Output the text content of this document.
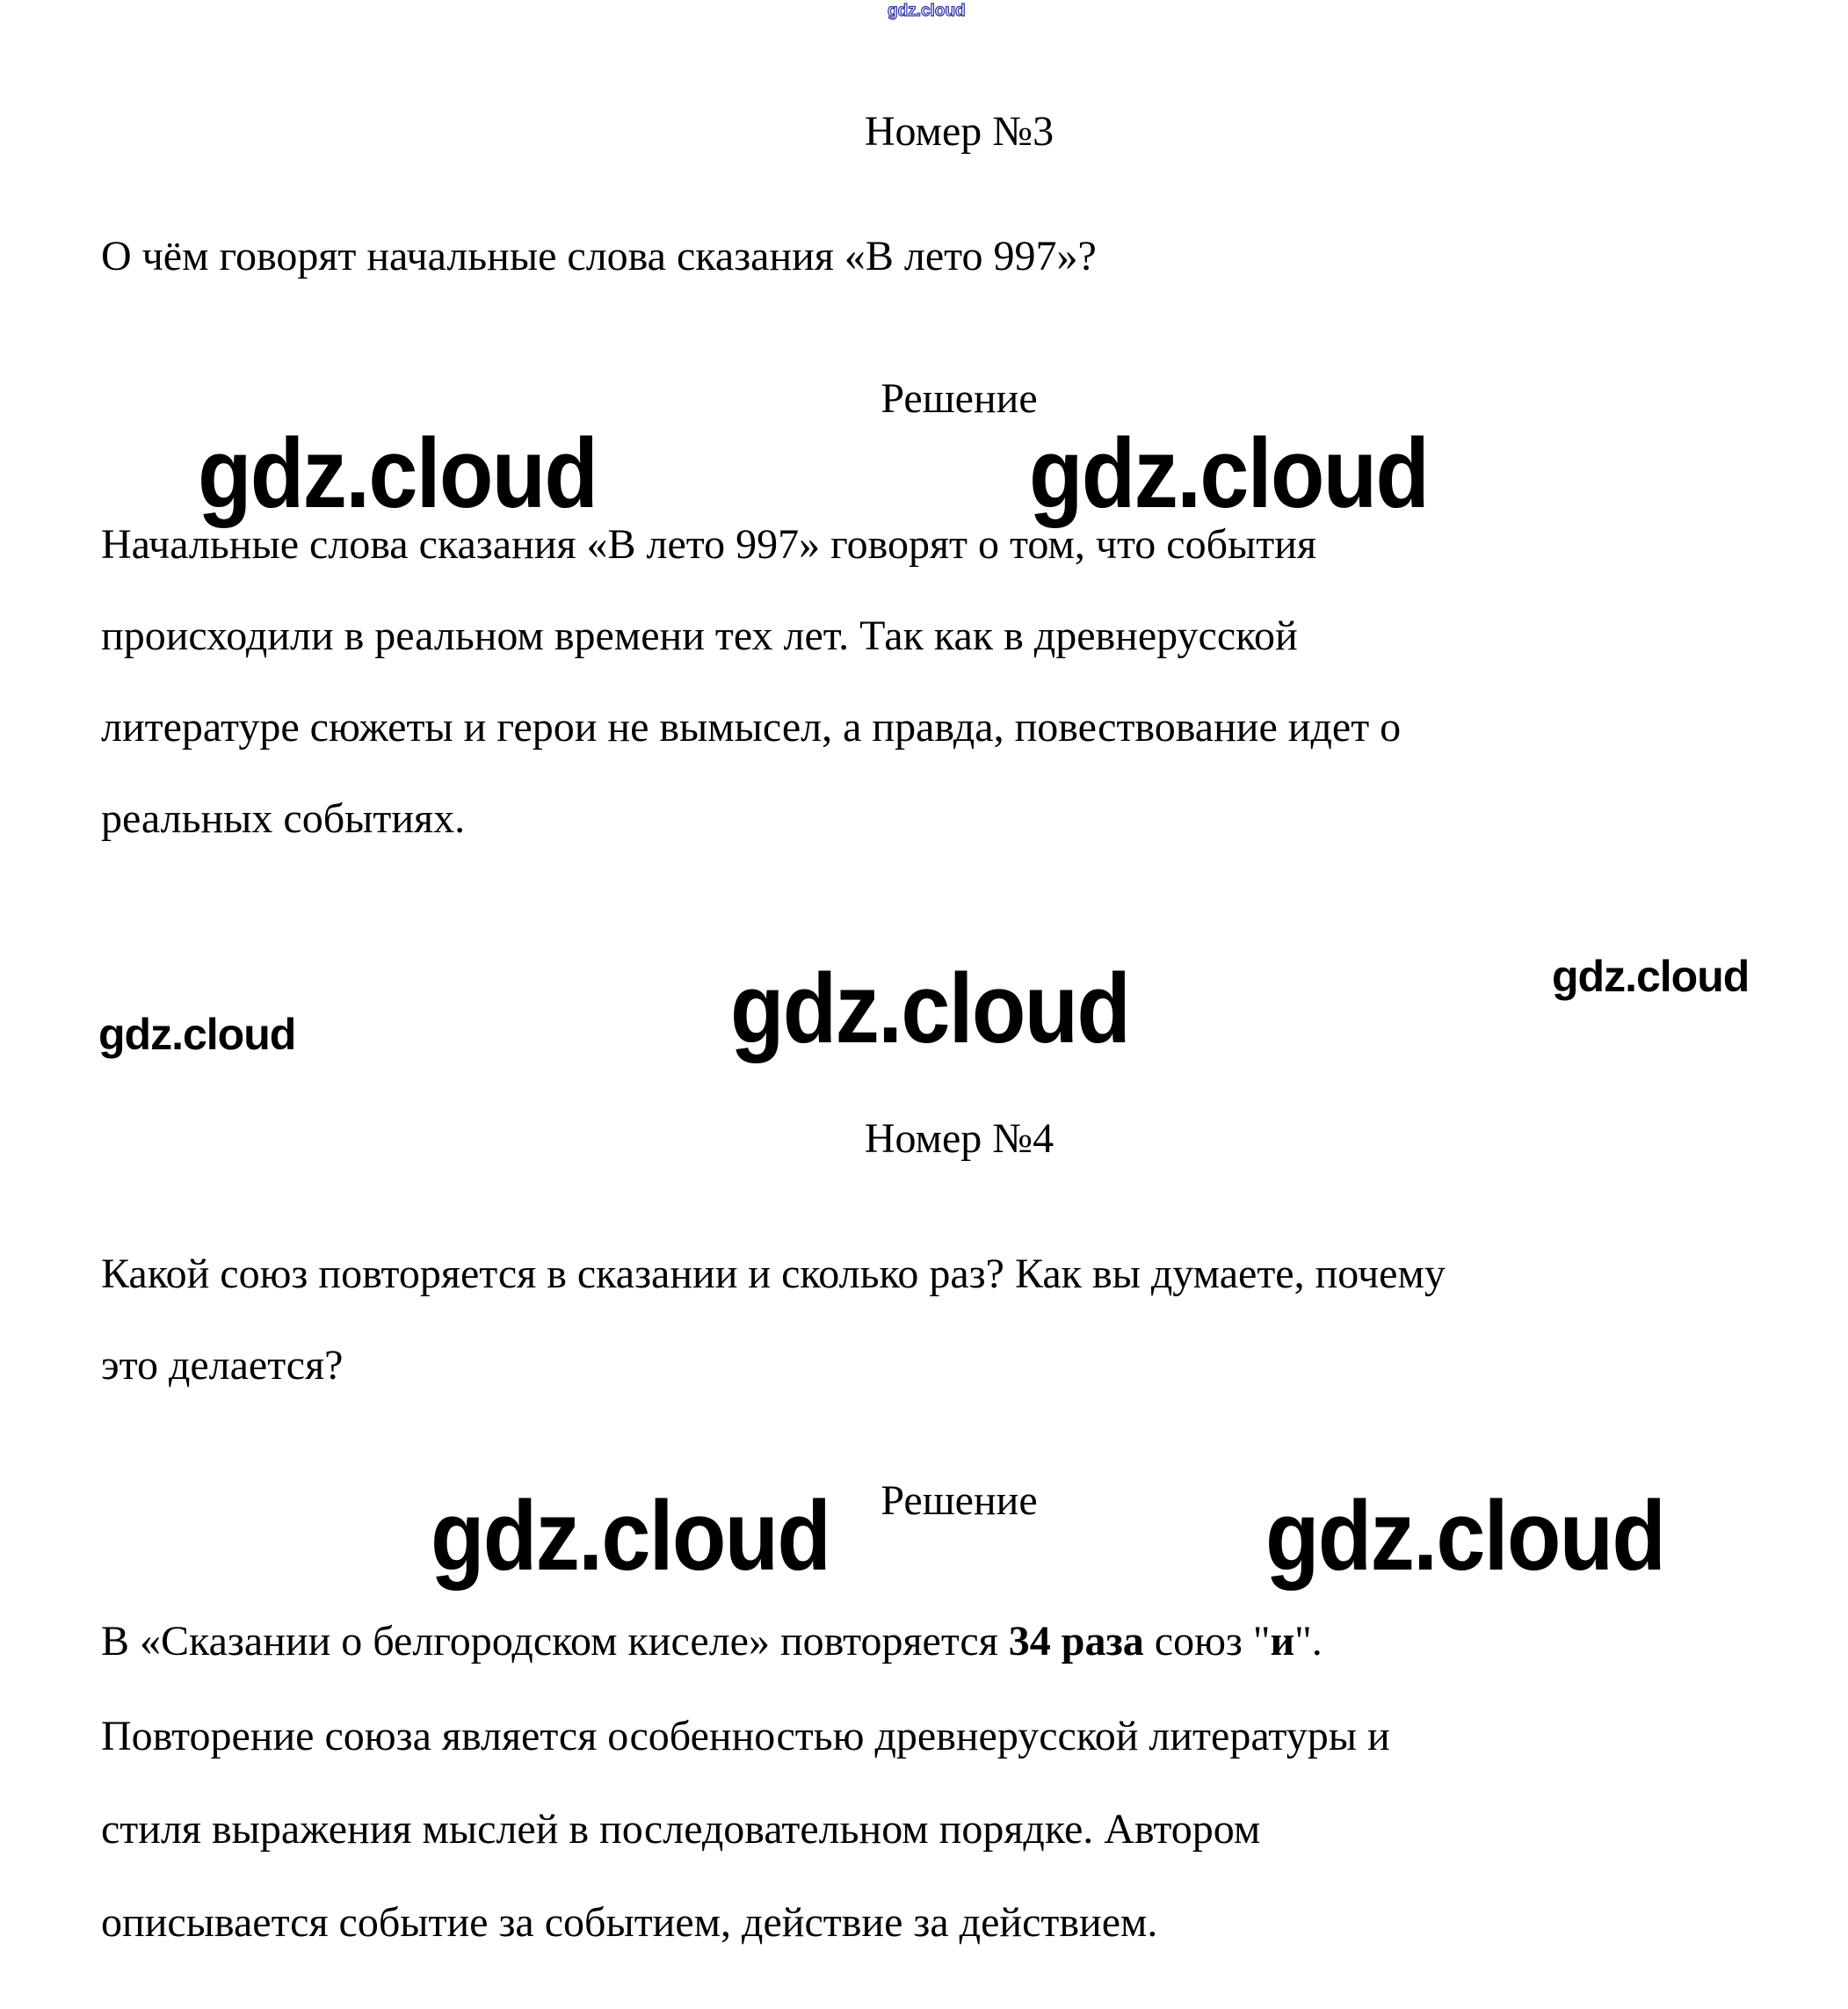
gdz.cloud
Номер №3
О чём говорят начальные слова сказания «В лето 997»?
Решение
gdz.cloud	gdz.cloud
Начальные слова сказания «В лето 997» говорят о том, что события
происходили в реальном времени тех лет. Так как в древнерусской
литературе сюжеты и герои не вымысел, а правда, повествование идет о
реальных событиях.
gdz.cloud	gdz.cloud	gdz.cloud
Номер №4
Какой союз повторяется в сказании и сколько раз? Как вы думаете, почему
это делается?
Решение
gdz.cloud	gdz.cloud
В «Сказании о белгородском киселе» повторяется 34 раза союз "и".
Повторение союза является особенностью древнерусской литературы и
стиля выражения мыслей в последовательном порядке. Автором
описывается событие за событием, действие за действием.
